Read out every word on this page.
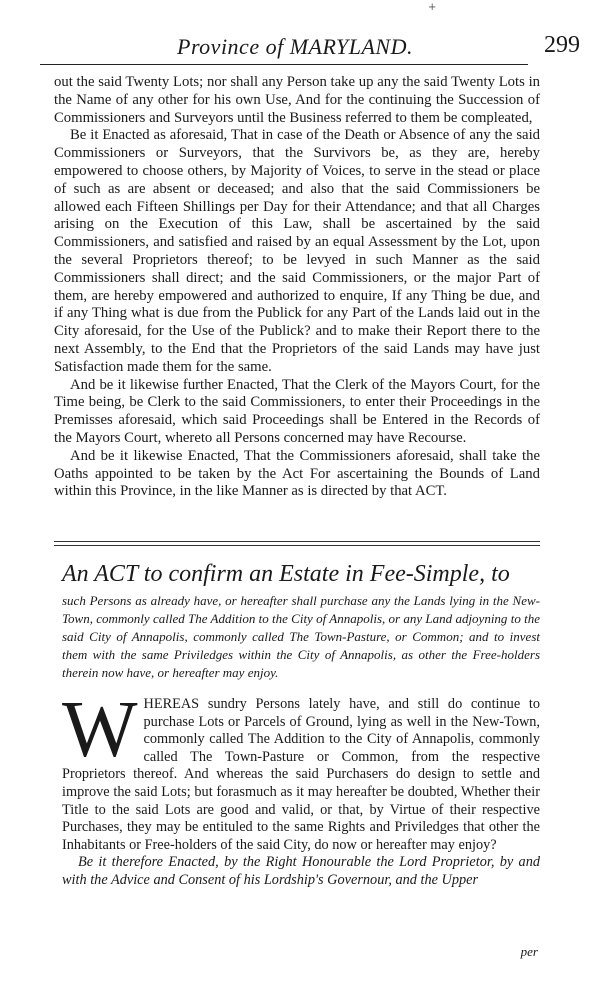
+
Province of MARYLAND.	299

out the said Twenty Lots; nor shall any Person take up any the said Twenty Lots in the Name of any other for his own Use, And for the continuing the Succession of Commissioners and Surveyors until the Business referred to them be compleated,

Be it Enacted as aforesaid, That in case of the Death or Absence of any the said Commissioners or Surveyors, that the Survivors be, as they are, hereby empowered to choose others, by Majority of Voices, to serve in the stead or place of such as are absent or deceased; and also that the said Commissioners be allowed each Fifteen Shillings per Day for their Attendance; and that all Charges arising on the Execution of this Law, shall be ascertained by the said Commissioners, and satisfied and raised by an equal Assessment by the Lot, upon the several Proprietors thereof; to be levyed in such Manner as the said Commissioners shall direct; and the said Commissioners, or the major Part of them, are hereby empowered and authorized to enquire, If any Thing be due, and if any Thing what is due from the Publick for any Part of the Lands laid out in the City aforesaid, for the Use of the Publick? and to make their Report there to the next Assembly, to the End that the Proprietors of the said Lands may have just Satisfaction made them for the same.

And be it likewise further Enacted, That the Clerk of the Mayors Court, for the Time being, be Clerk to the said Commissioners, to enter their Proceedings in the Premisses aforesaid, which said Proceedings shall be Entered in the Records of the Mayors Court, whereto all Persons concerned may have Recourse.

And be it likewise Enacted, That the Commissioners aforesaid, shall take the Oaths appointed to be taken by the Act For ascertaining the Bounds of Land within this Province, in the like Manner as is directed by that ACT.

An ACT to confirm an Estate in Fee-Simple, to
such Persons as already have, or hereafter shall purchase any the Lands lying in the New-Town, commonly called The Addition to the City of Annapolis, or any Land adjoyning to the said City of Annapolis, commonly called The Town-Pasture, or Common; and to invest them with the same Priviledges within the City of Annapolis, as other the Free-holders therein now have, or hereafter may enjoy.
W HEREAS sundry Persons lately have, and still do continue to purchase Lots or Parcels of Ground, lying as well in the New-Town, commonly called The Addition to the City of Annapolis, commonly called The Town-Pasture or Common, from the respective Proprietors thereof. And whereas the said Purchasers do design to settle and improve the said Lots; but forasmuch as it may hereafter be doubted, Whether their Title to the said Lots are good and valid, or that, by Virtue of their respective Purchases, they may be entituled to the same Rights and Priviledges that other the Inhabitants or Free-holders of the said City, do now or hereafter may enjoy?

Be it therefore Enacted, by the Right Honourable the Lord Proprietor, by and with the Advice and Consent of his Lordship's Governour, and the Upper

per
